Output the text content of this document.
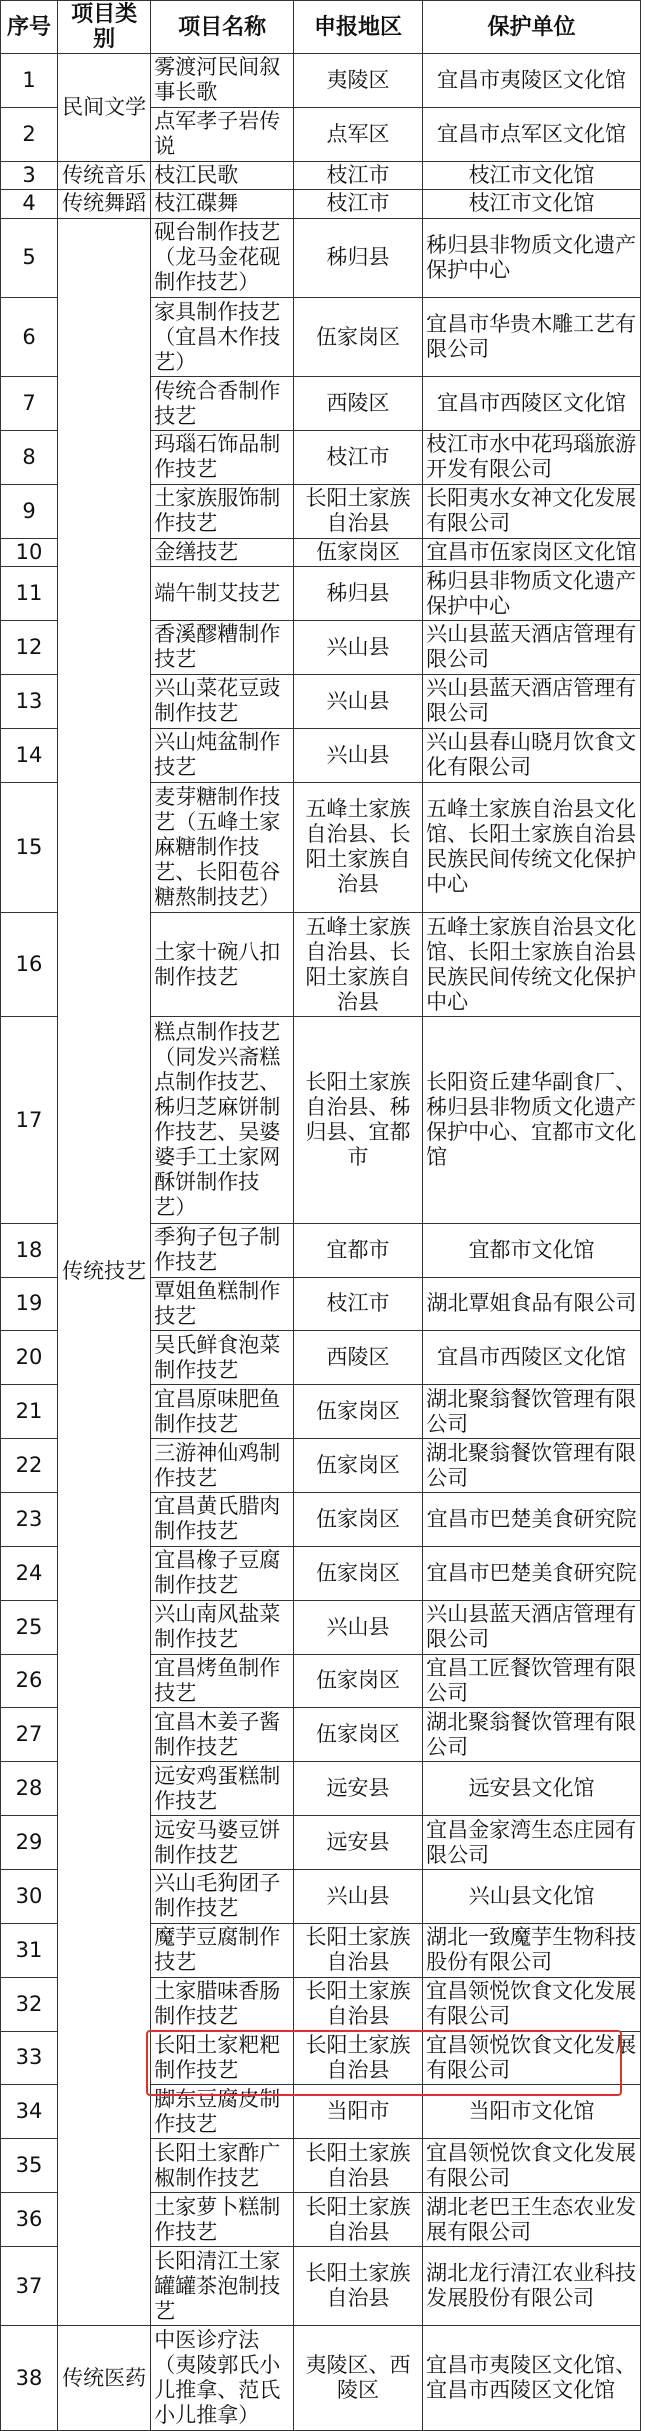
序号	项目类别	项目名称	申报地区	保护单位
1	民间文学	雾渡河民间叙事长歌	夷陵区	宜昌市夷陵区文化馆
2		点军孝子岩传说	点军区	宜昌市点军区文化馆
3	传统音乐	枝江民歌	枝江市	枝江市文化馆
4	传统舞蹈	枝江碟舞	枝江市	枝江市文化馆
5	传统技艺	砚台制作技艺（龙马金花砚制作技艺）	秭归县	秭归县非物质文化遗产保护中心
6		家具制作技艺（宜昌木作技艺）	伍家岗区	宜昌市华贵木雕工艺有限公司
7		传统合香制作技艺	西陵区	宜昌市西陵区文化馆
8		玛瑙石饰品制作技艺	枝江市	枝江市水中花玛瑙旅游开发有限公司
9		土家族服饰制作技艺	长阳土家族自治县	长阳夷水女神文化发展有限公司
10		金缮技艺	伍家岗区	宜昌市伍家岗区文化馆
11		端午制艾技艺	秭归县	秭归县非物质文化遗产保护中心
12		香溪醪糟制作技艺	兴山县	兴山县蓝天酒店管理有限公司
13		兴山菜花豆豉制作技艺	兴山县	兴山县蓝天酒店管理有限公司
14		兴山炖盆制作技艺	兴山县	兴山县春山晓月饮食文化有限公司
15		麦芽糖制作技艺（五峰土家麻糖制作技艺、长阳苞谷糖熬制技艺）	五峰土家族自治县、长阳土家族自治县	五峰土家族自治县文化馆、长阳土家族自治县民族民间传统文化保护中心
16		土家十碗八扣制作技艺	五峰土家族自治县、长阳土家族自治县	五峰土家族自治县文化馆、长阳土家族自治县民族民间传统文化保护中心
17		糕点制作技艺（同发兴斋糕点制作技艺、秭归芝麻饼制作技艺、吴婆婆手工土家网酥饼制作技艺）	长阳土家族自治县、秭归县、宜都市	长阳资丘建华副食厂、秭归县非物质文化遗产保护中心、宜都市文化馆
18		季狗子包子制作技艺	宜都市	宜都市文化馆
19		覃姐鱼糕制作技艺	枝江市	湖北覃姐食品有限公司
20		吴氏鲜食泡菜制作技艺	西陵区	宜昌市西陵区文化馆
21		宜昌原味肥鱼制作技艺	伍家岗区	湖北聚翁餐饮管理有限公司
22		三游神仙鸡制作技艺	伍家岗区	湖北聚翁餐饮管理有限公司
23		宜昌黄氏腊肉制作技艺	伍家岗区	宜昌市巴楚美食研究院
24		宜昌橡子豆腐制作技艺	伍家岗区	宜昌市巴楚美食研究院
25		兴山南风盐菜制作技艺	兴山县	兴山县蓝天酒店管理有限公司
26		宜昌烤鱼制作技艺	伍家岗区	宜昌工匠餐饮管理有限公司
27		宜昌木姜子酱制作技艺	伍家岗区	湖北聚翁餐饮管理有限公司
28		远安鸡蛋糕制作技艺	远安县	远安县文化馆
29		远安马婆豆饼制作技艺	远安县	宜昌金家湾生态庄园有限公司
30		兴山毛狗团子制作技艺	兴山县	兴山县文化馆
31		魔芋豆腐制作技艺	长阳土家族自治县	湖北一致魔芋生物科技股份有限公司
32		土家腊味香肠制作技艺	长阳土家族自治县	宜昌领悦饮食文化发展有限公司
33		长阳土家粑粑制作技艺	长阳土家族自治县	宜昌领悦饮食文化发展有限公司
34		脚东豆腐皮制作技艺	当阳市	当阳市文化馆
35		长阳土家酢广椒制作技艺	长阳土家族自治县	宜昌领悦饮食文化发展有限公司
36		土家萝卜糕制作技艺	长阳土家族自治县	湖北老巴王生态农业发展有限公司
37		长阳清江土家罐罐茶泡制技艺	长阳土家族自治县	湖北龙行清江农业科技发展股份有限公司
38	传统医药	中医诊疗法（夷陵郭氏小儿推拿、范氏小儿推拿）	夷陵区、西陵区	宜昌市夷陵区文化馆、宜昌市西陵区文化馆
